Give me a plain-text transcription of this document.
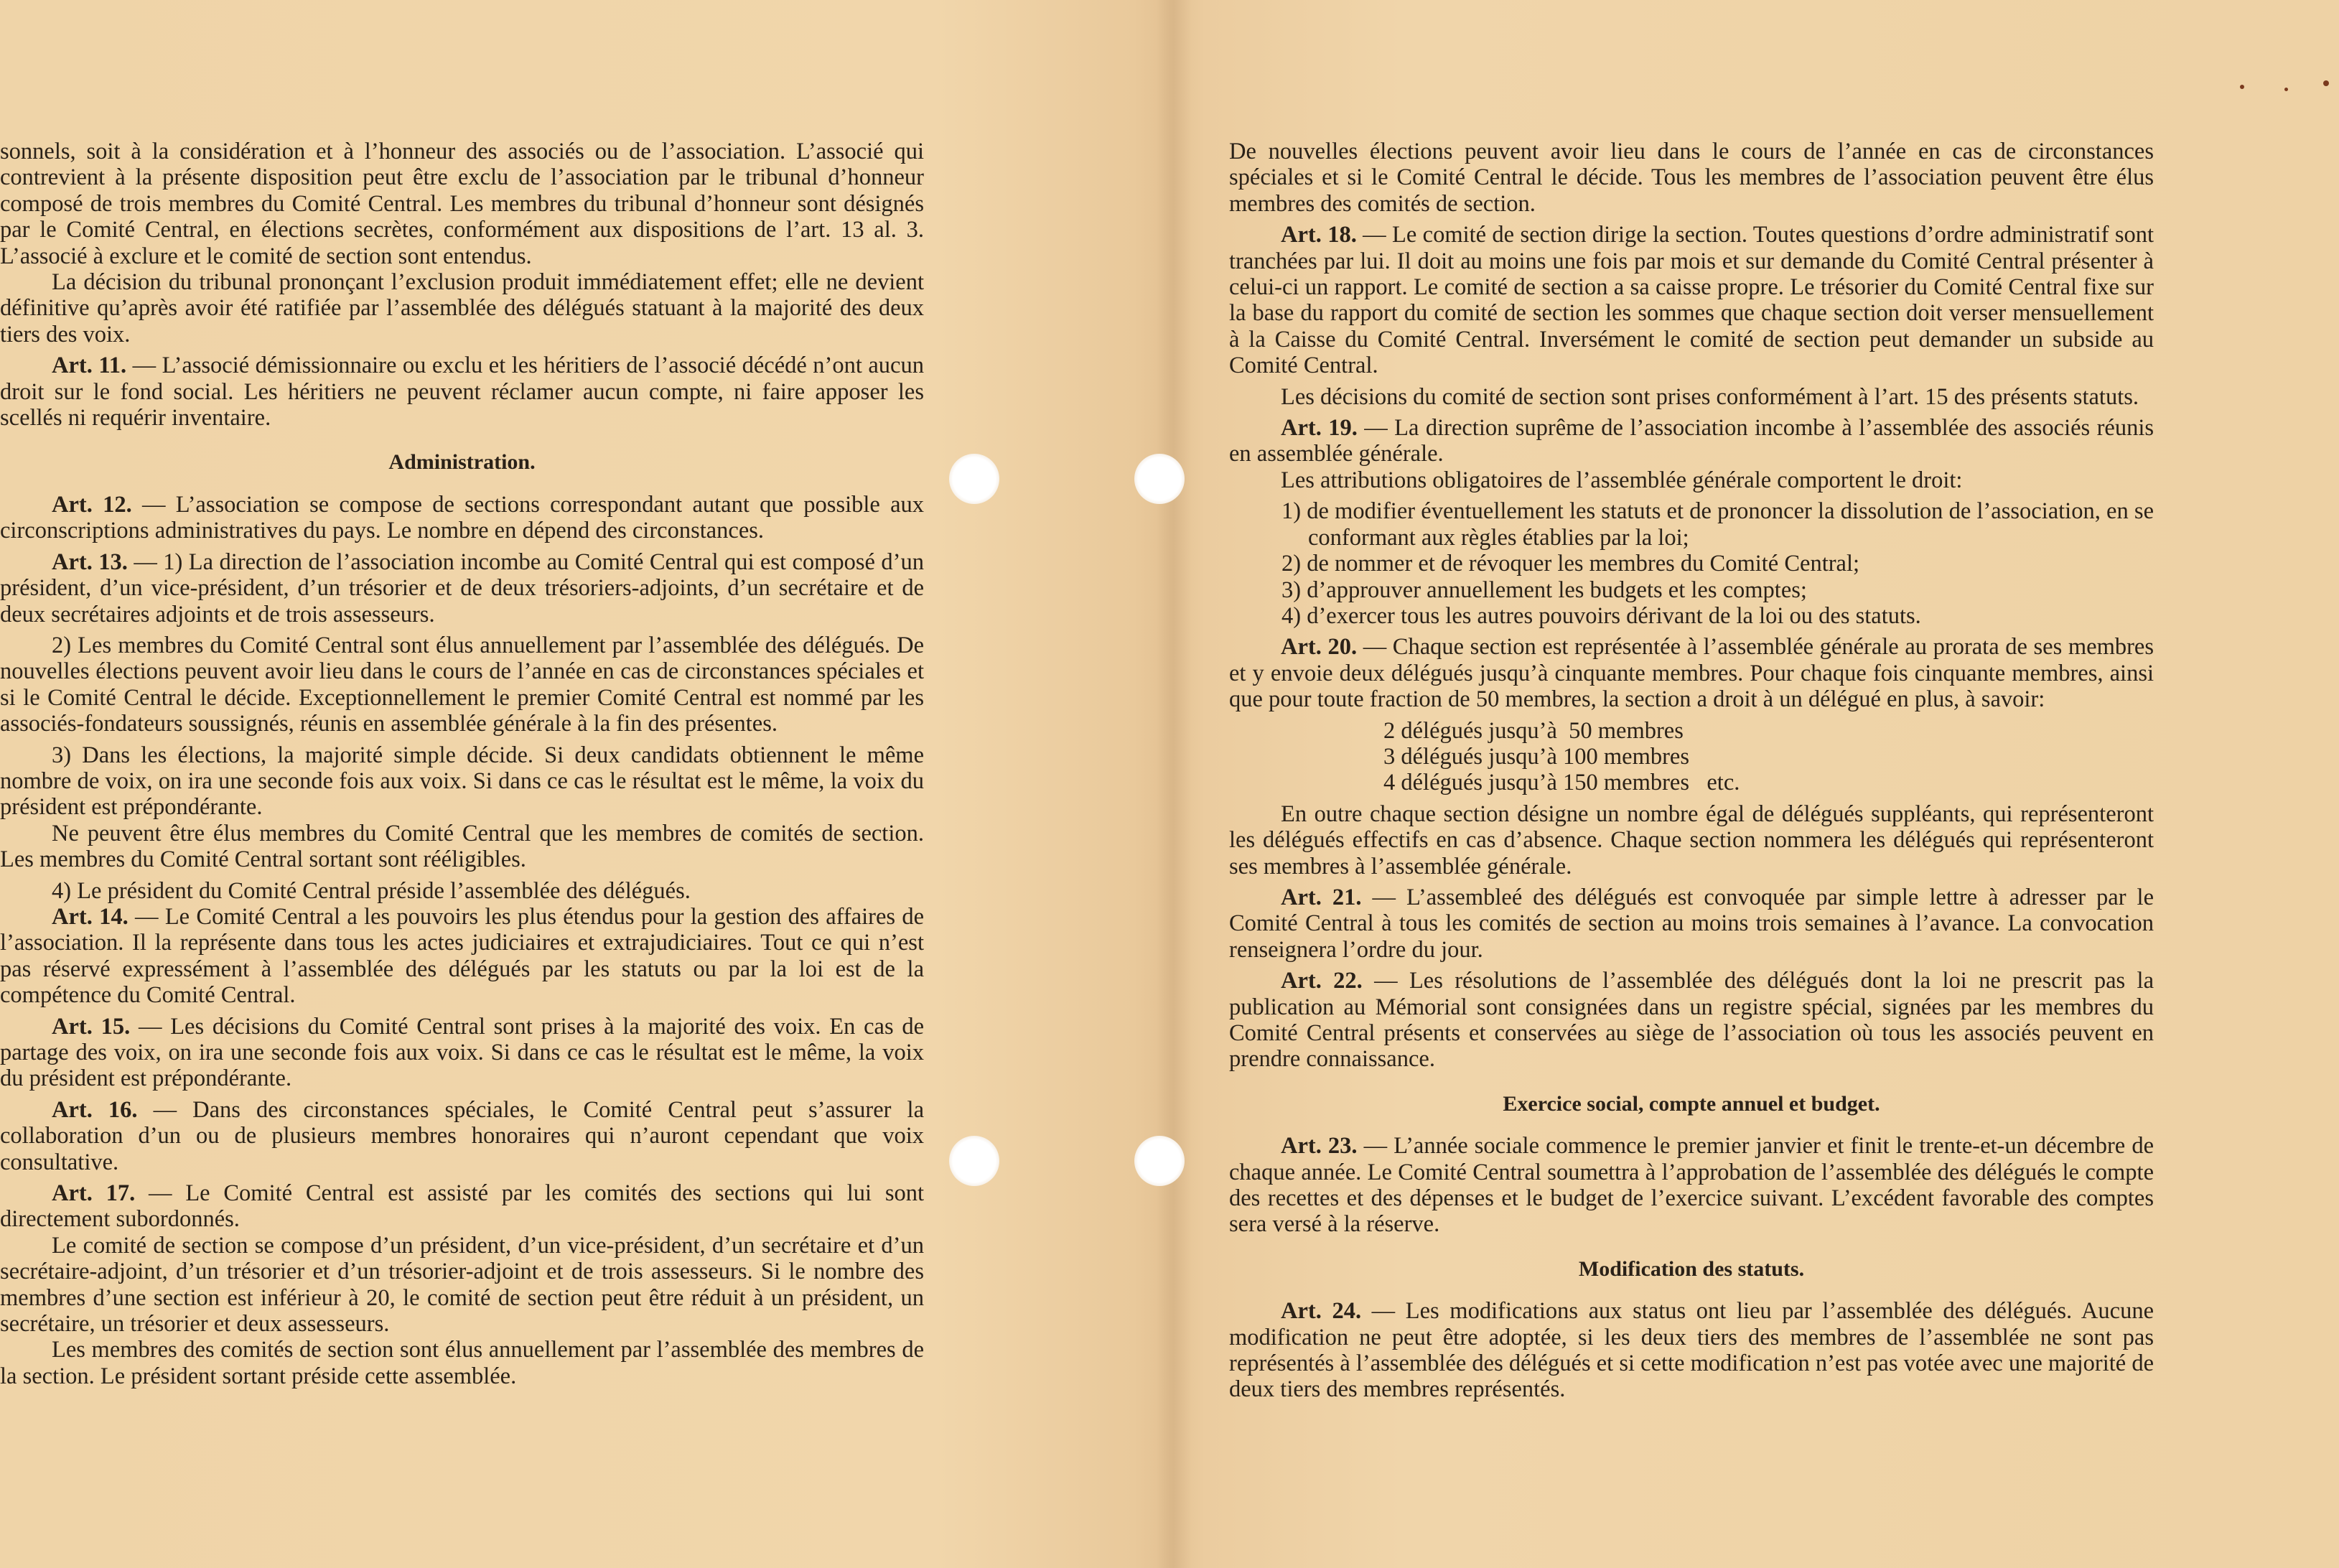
sonnels, soit à la considération et à l’honneur des associés ou de l’association. L’associé qui contrevient à la présente disposition peut être exclu de l’association par le tribunal d’honneur composé de trois membres du Comité Central. Les membres du tribunal d’honneur sont désignés par le Comité Central, en élections secrètes, conformément aux dispositions de l’art. 13 al. 3. L’associé à exclure et le comité de section sont entendus.

La décision du tribunal prononçant l’exclusion produit immédiatement effet; elle ne devient définitive qu’après avoir été ratifiée par l’assemblée des délégués statuant à la majorité des deux tiers des voix.

Art. 11. — L’associé démissionnaire ou exclu et les héritiers de l’associé décédé n’ont aucun droit sur le fond social. Les héritiers ne peuvent réclamer aucun compte, ni faire apposer les scellés ni requérir inventaire.

Administration.

Art. 12. — L’association se compose de sections correspondant autant que possible aux circonscriptions administratives du pays. Le nombre en dépend des circonstances.

Art. 13. — 1) La direction de l’association incombe au Comité Central qui est composé d’un président, d’un vice-président, d’un trésorier et de deux trésoriers-adjoints, d’un secrétaire et de deux secrétaires adjoints et de trois assesseurs.

2) Les membres du Comité Central sont élus annuellement par l’assemblée des délégués. De nouvelles élections peuvent avoir lieu dans le cours de l’année en cas de circonstances spéciales et si le Comité Central le décide. Exceptionnellement le premier Comité Central est nommé par les associés-fondateurs soussignés, réunis en assemblée générale à la fin des présentes.

3) Dans les élections, la majorité simple décide. Si deux candidats obtiennent le même nombre de voix, on ira une seconde fois aux voix. Si dans ce cas le résultat est le même, la voix du président est prépondérante.

Ne peuvent être élus membres du Comité Central que les membres de comités de section. Les membres du Comité Central sortant sont rééligibles.

4) Le président du Comité Central préside l’assemblée des délégués.

Art. 14. — Le Comité Central a les pouvoirs les plus étendus pour la gestion des affaires de l’association. Il la représente dans tous les actes judiciaires et extrajudiciaires. Tout ce qui n’est pas réservé expressément à l’assemblée des délégués par les statuts ou par la loi est de la compétence du Comité Central.

Art. 15. — Les décisions du Comité Central sont prises à la majorité des voix. En cas de partage des voix, on ira une seconde fois aux voix. Si dans ce cas le résultat est le même, la voix du président est prépondérante.

Art. 16. — Dans des circonstances spéciales, le Comité Central peut s’assurer la collaboration d’un ou de plusieurs membres honoraires qui n’auront cependant que voix consultative.

Art. 17. — Le Comité Central est assisté par les comités des sections qui lui sont directement subordonnés.

Le comité de section se compose d’un président, d’un vice-président, d’un secrétaire et d’un secrétaire-adjoint, d’un trésorier et d’un trésorier-adjoint et de trois assesseurs. Si le nombre des membres d’une section est inférieur à 20, le comité de section peut être réduit à un président, un secrétaire, un trésorier et deux assesseurs.

Les membres des comités de section sont élus annuellement par l’assemblée des membres de la section. Le président sortant préside cette assemblée.

De nouvelles élections peuvent avoir lieu dans le cours de l’année en cas de circonstances spéciales et si le Comité Central le décide. Tous les membres de l’association peuvent être élus membres des comités de section.

Art. 18. — Le comité de section dirige la section. Toutes questions d’ordre administratif sont tranchées par lui. Il doit au moins une fois par mois et sur demande du Comité Central présenter à celui-ci un rapport. Le comité de section a sa caisse propre. Le trésorier du Comité Central fixe sur la base du rapport du comité de section les sommes que chaque section doit verser mensuellement à la Caisse du Comité Central. Inversément le comité de section peut demander un subside au Comité Central.

Les décisions du comité de section sont prises conformément à l’art. 15 des présents statuts.

Art. 19. — La direction suprême de l’association incombe à l’assemblée des associés réunis en assemblée générale.

Les attributions obligatoires de l’assemblée générale comportent le droit:

1) de modifier éventuellement les statuts et de prononcer la dissolution de l’association, en se conformant aux règles établies par la loi;

2) de nommer et de révoquer les membres du Comité Central;

3) d’approuver annuellement les budgets et les comptes;

4) d’exercer tous les autres pouvoirs dérivant de la loi ou des statuts.

Art. 20. — Chaque section est représentée à l’assemblée générale au prorata de ses membres et y envoie deux délégués jusqu’à cinquante membres. Pour chaque fois cinquante membres, ainsi que pour toute fraction de 50 membres, la section a droit à un délégué en plus, à savoir:

2 délégués jusqu’à  50 membres

3 délégués jusqu’à 100 membres

4 délégués jusqu’à 150 membres   etc.

En outre chaque section désigne un nombre égal de délégués suppléants, qui représenteront les délégués effectifs en cas d’absence. Chaque section nommera les délégués qui représenteront ses membres à l’assemblée générale.

Art. 21. — L’assembleé des délégués est convoquée par simple lettre à adresser par le Comité Central à tous les comités de section au moins trois semaines à l’avance. La convocation renseignera l’ordre du jour.

Art. 22. — Les résolutions de l’assemblée des délégués dont la loi ne prescrit pas la publication au Mémorial sont consignées dans un registre spécial, signées par les membres du Comité Central présents et conservées au siège de l’association où tous les associés peuvent en prendre connaissance.

Exercice social, compte annuel et budget.

Art. 23. — L’année sociale commence le premier janvier et finit le trente-et-un décembre de chaque année. Le Comité Central soumettra à l’approbation de l’assemblée des délégués le compte des recettes et des dépenses et le budget de l’exercice suivant. L’excédent favorable des comptes sera versé à la réserve.

Modification des statuts.

Art. 24. — Les modifications aux status ont lieu par l’assemblée des délégués. Aucune modification ne peut être adoptée, si les deux tiers des membres de l’assemblée ne sont pas représentés à l’assemblée des délégués et si cette modification n’est pas votée avec une majorité de deux tiers des membres représentés.
